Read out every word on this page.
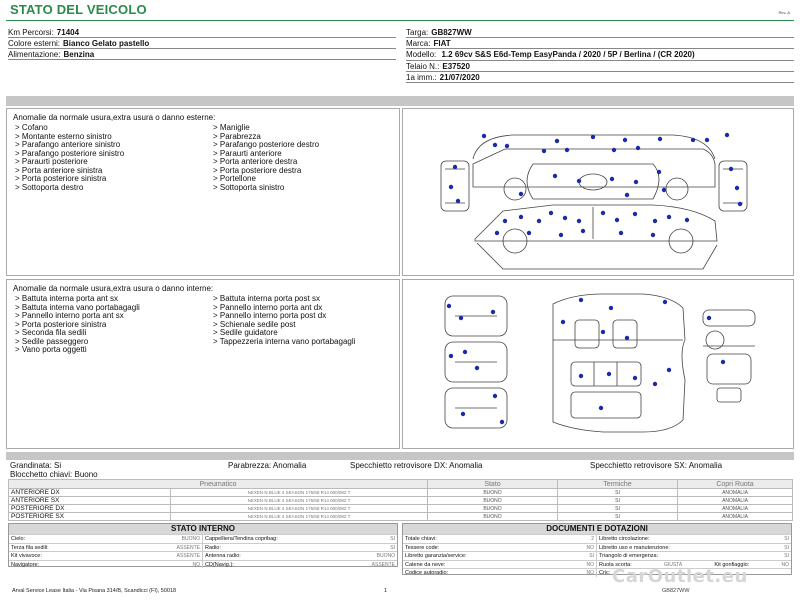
STATO DEL VEICOLO	Rev. A
Km Percorsi: 71404
Colore esterni: Bianco Gelato pastello
Alimentazione: Benzina
Targa: GB827WW
Marca: FIAT
Modello: 1.2 69cv S&S E6d-Temp EasyPanda / 2020 / 5P / Berlina / (CR 2020)
Telaio N.: E37520
1a imm.: 21/07/2020
Anomalie da normale usura,extra usura o danno esterne:
> Cofano
> Montante esterno sinistro
> Parafango anteriore sinistro
> Parafango posteriore sinistro
> Paraurti posteriore
> Porta anteriore sinistra
> Porta posteriore sinistra
> Sottoporta destro
> Maniglie
> Parabrezza
> Parafango posteriore destro
> Paraurti anteriore
> Porta anteriore destra
> Porta posteriore destra
> Portellone
> Sottoporta sinistro
Anomalie da normale usura,extra usura o danno interne:
> Battuta interna porta ant sx
> Battuta interna vano portabagagli
> Pannello interno porta ant sx
> Porta posteriore sinistra
> Seconda fila sedili
> Sedile passeggero
> Vano porta oggetti
> Battuta interna porta post sx
> Pannello interno porta ant dx
> Pannello interno porta post dx
> Schienale sedile post
> Sedile guidatore
> Tappezzeria interna vano portabagagli
Grandinata: Si	Parabrezza: Anomalia	Specchietto retrovisore DX: Anomalia	Specchietto retrovisore SX: Anomalia
Blocchetto chiavi: Buono
Pneumatico		Stato	Termiche	Copri Ruota
ANTERIORE DX	NEXEN N BLUE 4 SEASON 175/65 R14 000/082 T	BUONO	SI	ANOMALIA
ANTERIORE SX	NEXEN N BLUE 4 SEASON 175/65 R14 000/082 T	BUONO	SI	ANOMALIA
POSTERIORE DX	NEXEN N BLUE 4 SEASON 175/65 R14 000/082 T	BUONO	SI	ANOMALIA
POSTERIORE SX	NEXEN N BLUE 4 SEASON 175/65 R14 000/082 T	BUONO	SI	ANOMALIA
STATO INTERNO
Cielo:	BUONO Cappelliera/Tendina copribag:	SI
Terza fila sedili:	ASSENTE Radio:	SI
Kit vivavoce:	ASSENTE Antenna radio:	BUONO
Navigatore:	NO CD(Navig.):	ASSENTE
DOCUMENTI E DOTAZIONI
Totale chiavi:	2 Libretto circolazione:	SI
Tessere code:	NO Libretto uso e manutenzione:	SI
Libretto garanzia/service:	SI Triangolo di emergenza:	SI
Catene da neve:	NO Ruota scorta:	GIUSTA	Kit gonfiaggio:	NO
Codice autoradio:	NO Cric:
Arval Service Lease Italia - Via Pisana 314/B, Scandicci (FI), 50018	1	GB827WW
CarOutlet.eu
